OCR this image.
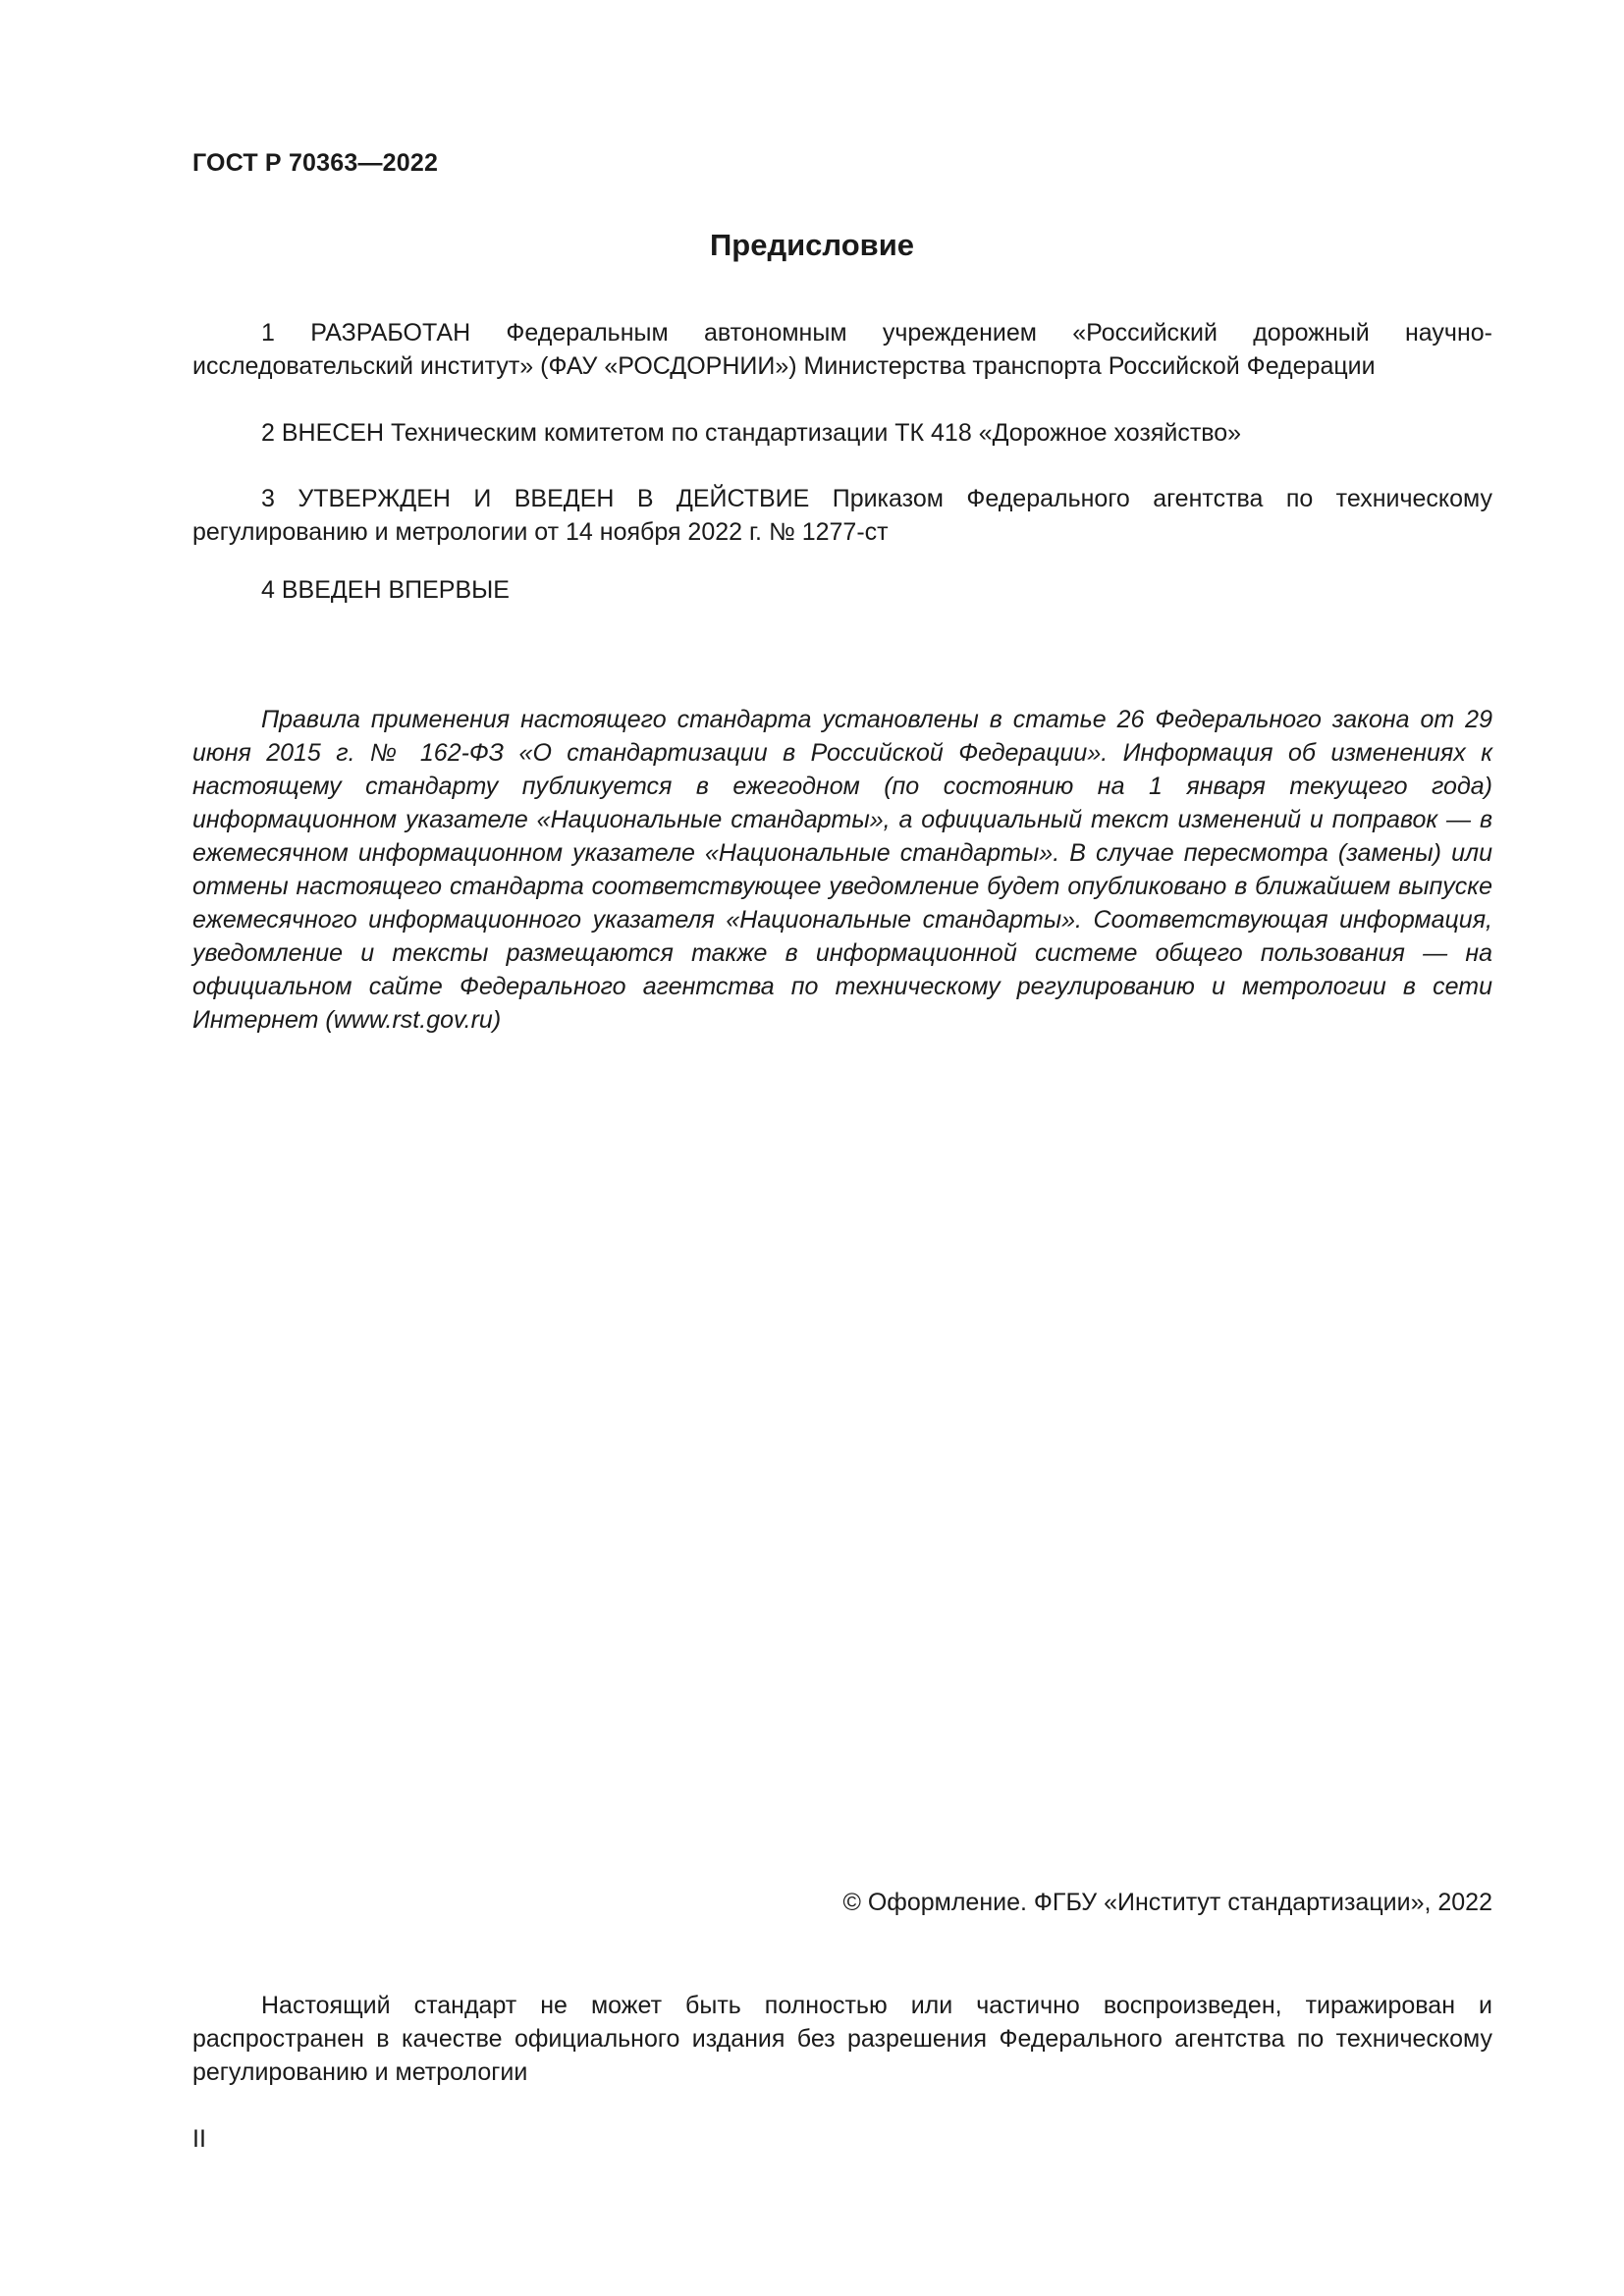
ГОСТ Р 70363—2022
Предисловие

1 РАЗРАБОТАН Федеральным автономным учреждением «Российский дорожный научно-исследовательский институт» (ФАУ «РОСДОРНИИ») Министерства транспорта Российской Федерации

2 ВНЕСЕН Техническим комитетом по стандартизации ТК 418 «Дорожное хозяйство»

3 УТВЕРЖДЕН И ВВЕДЕН В ДЕЙСТВИЕ Приказом Федерального агентства по техническому регулированию и метрологии от 14 ноября 2022 г. № 1277-ст

4 ВВЕДЕН ВПЕРВЫЕ

Правила применения настоящего стандарта установлены в статье 26 Федерального закона от 29 июня 2015 г. № 162-ФЗ «О стандартизации в Российской Федерации». Информация об изменениях к настоящему стандарту публикуется в ежегодном (по состоянию на 1 января текущего года) информационном указателе «Национальные стандарты», а официальный текст изменений и поправок — в ежемесячном информационном указателе «Национальные стандарты». В случае пересмотра (замены) или отмены настоящего стандарта соответствующее уведомление будет опубликовано в ближайшем выпуске ежемесячного информационного указателя «Национальные стандарты». Соответствующая информация, уведомление и тексты размещаются также в информационной системе общего пользования — на официальном сайте Федерального агентства по техническому регулированию и метрологии в сети Интернет (www.rst.gov.ru)

© Оформление. ФГБУ «Институт стандартизации», 2022

Настоящий стандарт не может быть полностью или частично воспроизведен, тиражирован и распространен в качестве официального издания без разрешения Федерального агентства по техническому регулированию и метрологии

II
